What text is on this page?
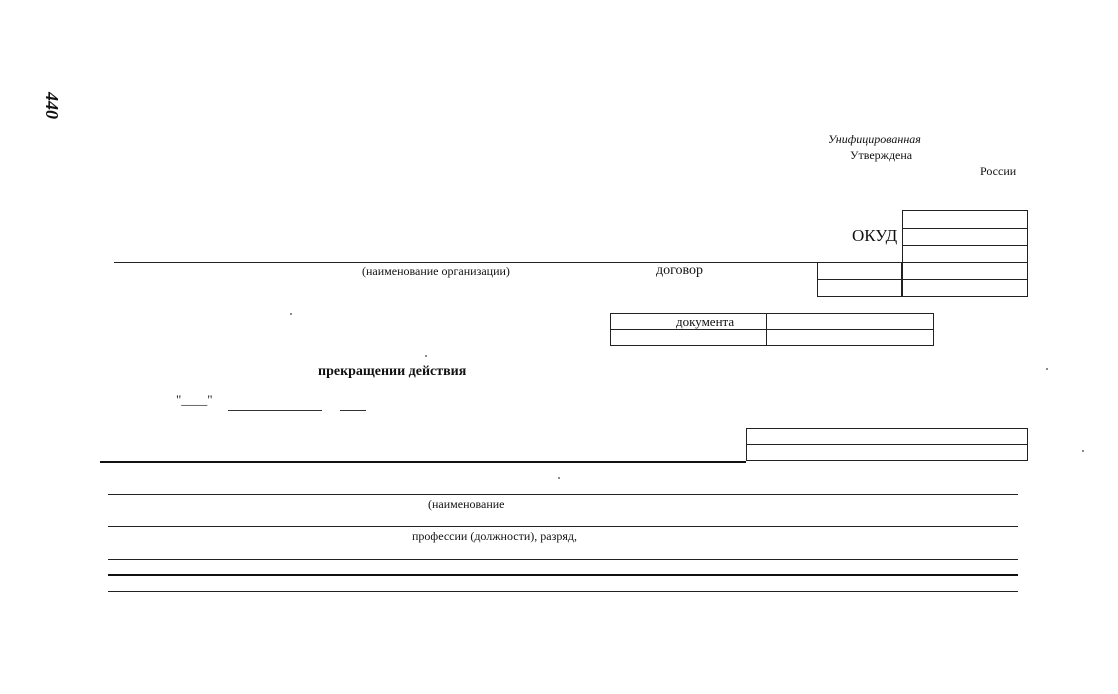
440
Унифицированная
Утверждена
России
ОКУД

(наименование организации)	договор

документа
прекращении действия
"____"

(наименование
профессии (должности), разряд,
